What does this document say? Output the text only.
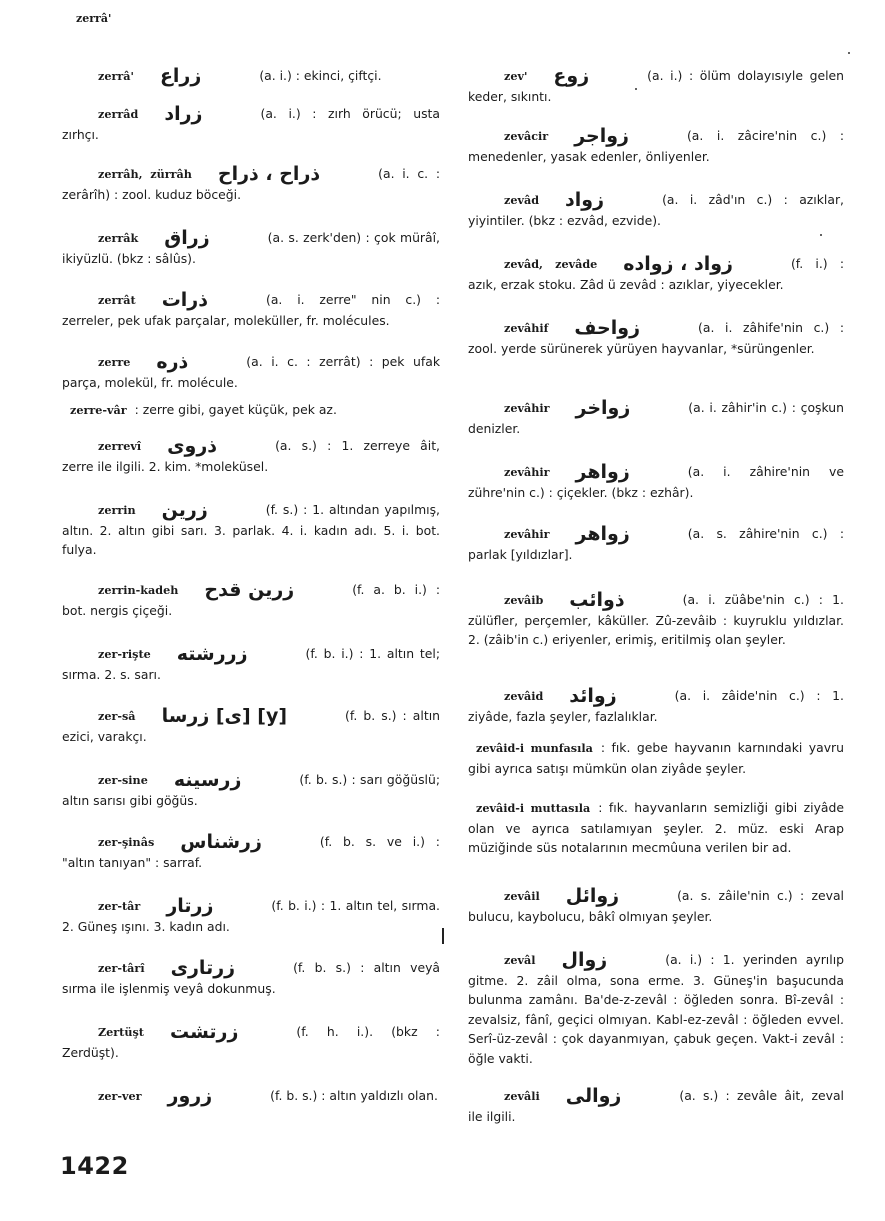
zerrâ'
zerrâ' زراع	(a. i.) : ekinci, çiftçi.
zerrâd زراد	(a. i.) : zırh örücü; usta zırhçı.
zerrâh, zürrâh ذراح ، ذراح	(a. i. c. : zerârîh) : zool. kuduz böceği.
zerrâk زراق	(a. s. zerk'den) : çok mürâî, ikiyüzlü. (bkz : sâlûs).
zerrât ذرات	(a. i. zerre" nin c.) : zerreler, pek ufak parçalar, moleküller, fr. molécules.
zerre ذره	(a. i. c. : zerrât) : pek ufak parça, molekül, fr. molécule.
zerre-vâr : zerre gibi, gayet küçük, pek az.
zerrevî ذروى	(a. s.) : 1. zerreye âit, zerre ile ilgili. 2. kim. *moleküsel.
zerrin زرين	(f. s.) : 1. altından yapılmış, altın. 2. altın gibi sarı. 3. parlak. 4. i. kadın adı. 5. i. bot. fulya.
zerrin-kadeh زرين قدح	(f. a. b. i.) : bot. nergis çiçeği.
zer-rişte زررشته	(f. b. i.) : 1. altın tel; sırma. 2. s. sarı.
zer-sâ [y] [ى] زرسا	(f. b. s.) : altın ezici, varakçı.
zer-sine زرسينه	(f. b. s.) : sarı göğüslü; altın sarısı gibi göğüs.
zer-şinâs زرشناس	(f. b. s. ve i.) : "altın tanıyan" : sarraf.
zer-târ زرتار	(f. b. i.) : 1. altın tel, sırma. 2. Güneş ışını. 3. kadın adı.
zer-târî زرتارى	(f. b. s.) : altın veyâ sırma ile işlenmiş veyâ dokunmuş.
Zertüşt زرتشت	(f. h. i.). (bkz : Zerdüşt).
zer-ver زرور	(f. b. s.) : altın yaldızlı olan.
zev' زوع	(a. i.) : ölüm dolayısıyle gelen keder, sıkıntı.
zevâcir زواجر	(a. i. zâcire'nin c.) : menedenler, yasak edenler, önliyenler.
zevâd زواد	(a. i. zâd'ın c.) : azıklar, yiyintiler. (bkz : ezvâd, ezvide).
zevâd, zevâde زواد ، زواده	(f. i.) : azık, erzak stoku. Zâd ü zevâd : azıklar, yiyecekler.
zevâhif زواحف	(a. i. zâhife'nin c.) : zool. yerde sürünerek yürüyen hayvanlar, *sürüngenler.
zevâhir زواخر	(a. i. zâhir'in c.) : çoşkun denizler.
zevâhir زواهر	(a. i. zâhire'nin ve zühre'nin c.) : çiçekler. (bkz : ezhâr).
zevâhir زواهر	(a. s. zâhire'nin c.) : parlak [yıldızlar].
zevâib ذوائب	(a. i. züâbe'nin c.) : 1. zülüfler, perçemler, kâküller. Zû-zevâib : kuyruklu yıldızlar. 2. (zâib'in c.) eriyenler, erimiş, eritilmiş olan şeyler.
zevâid زوائد	(a. i. zâide'nin c.) : 1. ziyâde, fazla şeyler, fazlalıklar.
zevâid-i munfasıla : fık. gebe hayvanın karnındaki yavru gibi ayrıca satışı mümkün olan ziyâde şeyler.
zevâid-i muttasıla : fık. hayvanların semizliği gibi ziyâde olan ve ayrıca satılamıyan şeyler. 2. müz. eski Arap müziğinde süs notalarının mecmûuna verilen bir ad.
zevâil زوائل	(a. s. zâile'nin c.) : zeval bulucu, kaybolucu, bâkî olmıyan şeyler.
zevâl زوال	(a. i.) : 1. yerinden ayrılıp gitme. 2. zâil olma, sona erme. 3. Güneş'in başucunda bulunma zamânı. Ba'de-z-zevâl : öğleden sonra. Bî-zevâl : zevalsiz, fânî, geçici olmıyan. Kabl-ez-zevâl : öğleden evvel. Serî-üz-zevâl : çok dayanmıyan, çabuk geçen. Vakt-i zevâl : öğle vakti.
zevâli زوالى	(a. s.) : zevâle âit, zeval ile ilgili.
1422
